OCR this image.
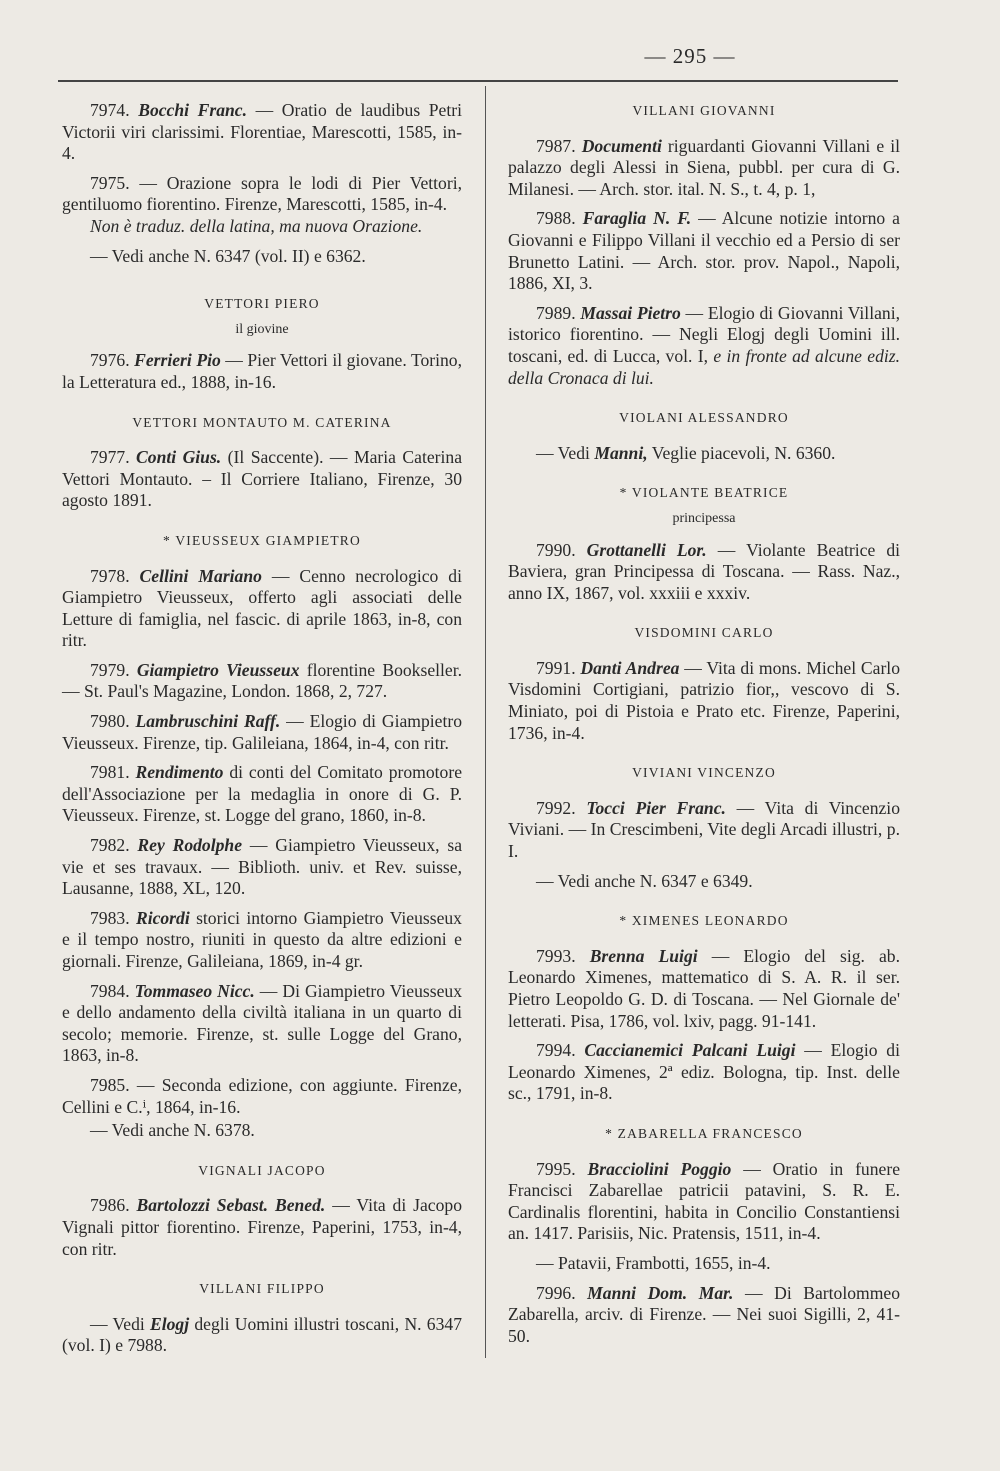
— 295 —

7974. Bocchi Franc. — Oratio de laudibus Petri Victorii viri clarissimi. Florentiae, Marescotti, 1585, in-4.

7975. — Orazione sopra le lodi di Pier Vettori, gentiluomo fiorentino. Firenze, Marescotti, 1585, in-4.

Non è traduz. della latina, ma nuova Orazione.

— Vedi anche N. 6347 (vol. II) e 6362.

VETTORI PIERO
il giovine

7976. Ferrieri Pio — Pier Vettori il giovane. Torino, la Letteratura ed., 1888, in-16.

VETTORI MONTAUTO M. CATERINA

7977. Conti Gius. (Il Saccente). — Maria Caterina Vettori Montauto. – Il Corriere Italiano, Firenze, 30 agosto 1891.

* VIEUSSEUX GIAMPIETRO

7978. Cellini Mariano — Cenno necrologico di Giampietro Vieusseux, offerto agli associati delle Letture di famiglia, nel fascic. di aprile 1863, in-8, con ritr.

7979. Giampietro Vieusseux florentine Bookseller. — St. Paul's Magazine, London. 1868, 2, 727.

7980. Lambruschini Raff. — Elogio di Giampietro Vieusseux. Firenze, tip. Galileiana, 1864, in-4, con ritr.

7981. Rendimento di conti del Comitato promotore dell'Associazione per la medaglia in onore di G. P. Vieusseux. Firenze, st. Logge del grano, 1860, in-8.

7982. Rey Rodolphe — Giampietro Vieusseux, sa vie et ses travaux. — Biblioth. univ. et Rev. suisse, Lausanne, 1888, XL, 120.

7983. Ricordi storici intorno Giampietro Vieusseux e il tempo nostro, riuniti in questo da altre edizioni e giornali. Firenze, Galileiana, 1869, in-4 gr.

7984. Tommaseo Nicc. — Di Giampietro Vieusseux e dello andamento della civiltà italiana in un quarto di secolo; memorie. Firenze, st. sulle Logge del Grano, 1863, in-8.

7985. — Seconda edizione, con aggiunte. Firenze, Cellini e C.ⁱ, 1864, in-16.

— Vedi anche N. 6378.

VIGNALI JACOPO

7986. Bartolozzi Sebast. Bened. — Vita di Jacopo Vignali pittor fiorentino. Firenze, Paperini, 1753, in-4, con ritr.

VILLANI FILIPPO

— Vedi Elogj degli Uomini illustri toscani, N. 6347 (vol. I) e 7988.

VILLANI GIOVANNI

7987. Documenti riguardanti Giovanni Villani e il palazzo degli Alessi in Siena, pubbl. per cura di G. Milanesi. — Arch. stor. ital. N. S., t. 4, p. 1,

7988. Faraglia N. F. — Alcune notizie intorno a Giovanni e Filippo Villani il vecchio ed a Persio di ser Brunetto Latini. — Arch. stor. prov. Napol., Napoli, 1886, XI, 3.

7989. Massai Pietro — Elogio di Giovanni Villani, istorico fiorentino. — Negli Elogj degli Uomini ill. toscani, ed. di Lucca, vol. I, e in fronte ad alcune ediz. della Cronaca di lui.

VIOLANI ALESSANDRO

— Vedi Manni, Veglie piacevoli, N. 6360.

* VIOLANTE BEATRICE
principessa

7990. Grottanelli Lor. — Violante Beatrice di Baviera, gran Principessa di Toscana. — Rass. Naz., anno IX, 1867, vol. xxxiii e xxxiv.

VISDOMINI CARLO

7991. Danti Andrea — Vita di mons. Michel Carlo Visdomini Cortigiani, patrizio fior,, vescovo di S. Miniato, poi di Pistoia e Prato etc. Firenze, Paperini, 1736, in-4.

VIVIANI VINCENZO

7992. Tocci Pier Franc. — Vita di Vincenzio Viviani. — In Crescimbeni, Vite degli Arcadi illustri, p. I.

— Vedi anche N. 6347 e 6349.

* XIMENES LEONARDO

7993. Brenna Luigi — Elogio del sig. ab. Leonardo Ximenes, mattematico di S. A. R. il ser. Pietro Leopoldo G. D. di Toscana. — Nel Giornale de' letterati. Pisa, 1786, vol. lxiv, pagg. 91-141.

7994. Caccianemici Palcani Luigi — Elogio di Leonardo Ximenes, 2ª ediz. Bologna, tip. Inst. delle sc., 1791, in-8.

* ZABARELLA FRANCESCO

7995. Bracciolini Poggio — Oratio in funere Francisci Zabarellae patricii patavini, S. R. E. Cardinalis florentini, habita in Concilio Constantiensi an. 1417. Parisiis, Nic. Pratensis, 1511, in-4.

— Patavii, Frambotti, 1655, in-4.

7996. Manni Dom. Mar. — Di Bartolommeo Zabarella, arciv. di Firenze. — Nei suoi Sigilli, 2, 41-50.
